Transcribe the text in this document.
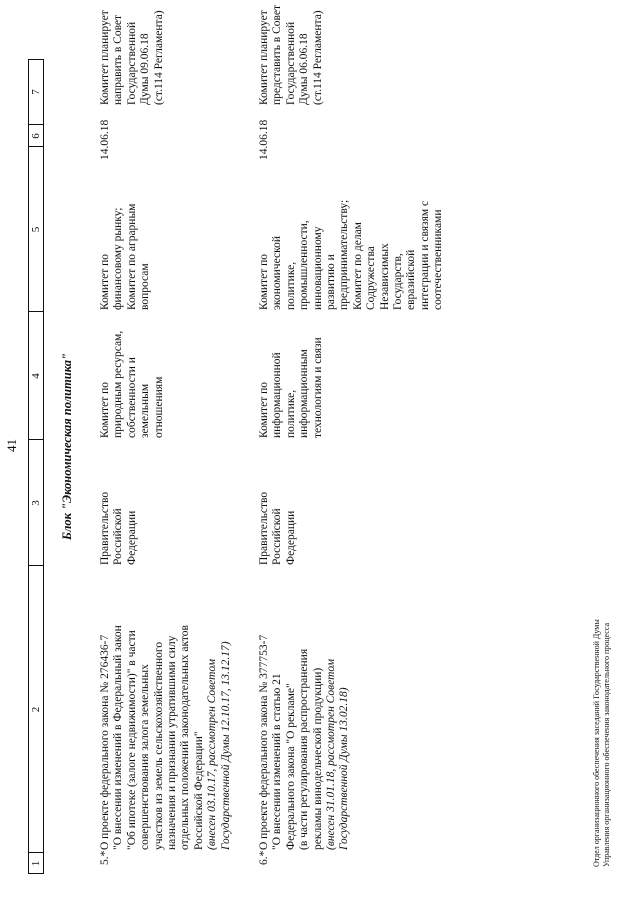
41
1
2
3
4
5
6
7
Блок "Экономическая политика"
5.*
О проекте федерального закона № 276436-7 "О внесении изменений в Федеральный закон "Об ипотеке (залоге недвижимости)" в части совершенствования залога земельных участков из земель сельскохозяйственного назначения и признании утратившими силу отдельных положений законодательных актов Российской Федерации" (внесен 03.10.17, рассмотрен Советом Государственной Думы 12.10.17, 13.12.17)
Правительство Российской Федерации
Комитет по природным ресурсам, собственности и земельным отношениям
Комитет по финансовому рынку; Комитет по аграрным вопросам
14.06.18
Комитет планирует направить в Совет Государственной Думы 09.06.18 (ст.114 Регламента)
6.*
О проекте федерального закона № 377753-7 "О внесении изменений в статью 21 Федерального закона "О рекламе" (в части регулирования распространения рекламы винодельческой продукции) (внесен 31.01.18, рассмотрен Советом Государственной Думы 13.02.18)
Правительство Российской Федерации
Комитет по информационной политике, информационным технологиям и связи
Комитет по экономической политике, промышленности, инновационному развитию и предпринимательству; Комитет по делам Содружества Независимых Государств, евразийской интеграции и связям с соотечественниками
14.06.18
Комитет планирует представить в Совет Государственной Думы 06.06.18 (ст.114 Регламента)
Отдел организационного обеспечения заседаний Государственной Думы Управления организационного обеспечения законодательного процесса
